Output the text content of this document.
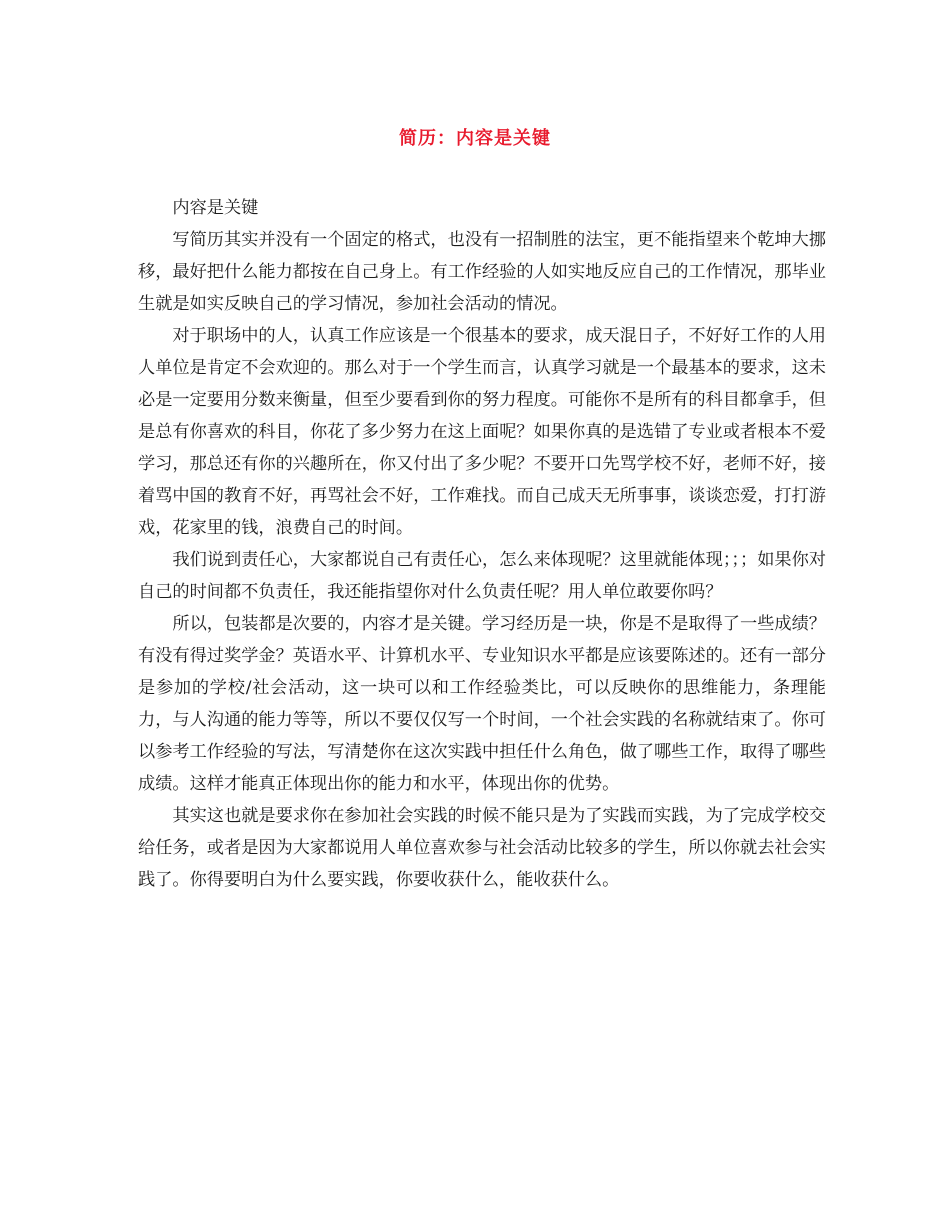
简历：内容是关键

内容是关键

写简历其实并没有一个固定的格式，也没有一招制胜的法宝，更不能指望来个乾坤大挪移，最好把什么能力都按在自己身上。有工作经验的人如实地反应自己的工作情况，那毕业生就是如实反映自己的学习情况，参加社会活动的情况。

对于职场中的人，认真工作应该是一个很基本的要求，成天混日子，不好好工作的人用人单位是肯定不会欢迎的。那么对于一个学生而言，认真学习就是一个最基本的要求，这未必是一定要用分数来衡量，但至少要看到你的努力程度。可能你不是所有的科目都拿手，但是总有你喜欢的科目，你花了多少努力在这上面呢？如果你真的是选错了专业或者根本不爱学习，那总还有你的兴趣所在，你又付出了多少呢？不要开口先骂学校不好，老师不好，接着骂中国的教育不好，再骂社会不好，工作难找。而自己成天无所事事，谈谈恋爱，打打游戏，花家里的钱，浪费自己的时间。

我们说到责任心，大家都说自己有责任心，怎么来体现呢？这里就能体现；；；如果你对自己的时间都不负责任，我还能指望你对什么负责任呢？用人单位敢要你吗？

所以，包装都是次要的，内容才是关键。学习经历是一块，你是不是取得了一些成绩？有没有得过奖学金？英语水平、计算机水平、专业知识水平都是应该要陈述的。还有一部分是参加的学校/社会活动，这一块可以和工作经验类比，可以反映你的思维能力，条理能力，与人沟通的能力等等，所以不要仅仅写一个时间，一个社会实践的名称就结束了。你可以参考工作经验的写法，写清楚你在这次实践中担任什么角色，做了哪些工作，取得了哪些成绩。这样才能真正体现出你的能力和水平，体现出你的优势。

其实这也就是要求你在参加社会实践的时候不能只是为了实践而实践，为了完成学校交给任务，或者是因为大家都说用人单位喜欢参与社会活动比较多的学生，所以你就去社会实践了。你得要明白为什么要实践，你要收获什么，能收获什么。
